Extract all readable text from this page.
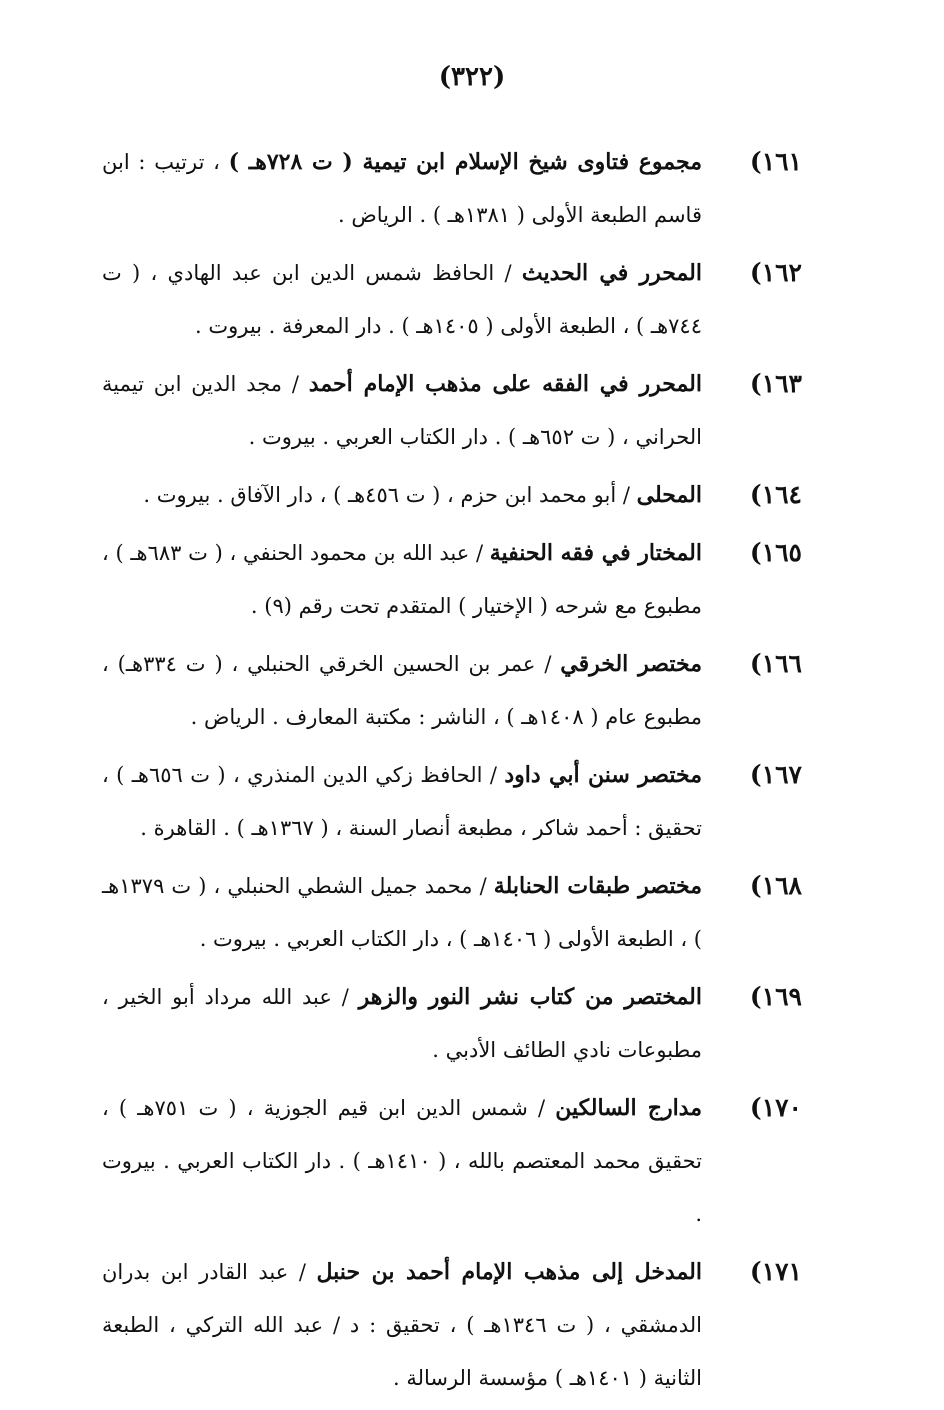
(٣٢٢)
١٦١)
مجموع فتاوى شيخ الإسلام ابن تيمية ( ت ٧٢٨هـ ) ، ترتيب : ابن قاسم الطبعة الأولى ( ١٣٨١هـ ) . الرياض .
١٦٢)
المحرر في الحديث / الحافظ شمس الدين ابن عبد الهادي ، ( ت ٧٤٤هـ ) ، الطبعة الأولى ( ١٤٠٥هـ ) . دار المعرفة . بيروت .
١٦٣)
المحرر في الفقه على مذهب الإمام أحمد / مجد الدين ابن تيمية الحراني ، ( ت ٦٥٢هـ ) . دار الكتاب العربي . بيروت .
١٦٤)
المحلى / أبو محمد ابن حزم ، ( ت ٤٥٦هـ ) ، دار الآفاق . بيروت .
١٦٥)
المختار في فقه الحنفية / عبد الله بن محمود الحنفي ، ( ت ٦٨٣هـ ) ، مطبوع مع شرحه ( الإختيار ) المتقدم تحت رقم (٩) .
١٦٦)
مختصر الخرقي / عمر بن الحسين الخرقي الحنبلي ، ( ت ٣٣٤هـ) ، مطبوع عام ( ١٤٠٨هـ ) ، الناشر : مكتبة المعارف . الرياض .
١٦٧)
مختصر سنن أبي داود / الحافظ زكي الدين المنذري ، ( ت ٦٥٦هـ ) ، تحقيق : أحمد شاكر ، مطبعة أنصار السنة ، ( ١٣٦٧هـ ) . القاهرة .
١٦٨)
مختصر طبقات الحنابلة / محمد جميل الشطي الحنبلي ، ( ت ١٣٧٩هـ ) ، الطبعة الأولى ( ١٤٠٦هـ ) ، دار الكتاب العربي . بيروت .
١٦٩)
المختصر من كتاب نشر النور والزهر / عبد الله مرداد أبو الخير ، مطبوعات نادي الطائف الأدبي .
١٧٠)
مدارج السالكين / شمس الدين ابن قيم الجوزية ، ( ت ٧٥١هـ ) ، تحقيق محمد المعتصم بالله ، ( ١٤١٠هـ ) . دار الكتاب العربي . بيروت .
١٧١)
المدخل إلى مذهب الإمام أحمد بن حنبل / عبد القادر ابن بدران الدمشقي ، ( ت ١٣٤٦هـ ) ، تحقيق : د / عبد الله التركي ، الطبعة الثانية ( ١٤٠١هـ ) مؤسسة الرسالة .
